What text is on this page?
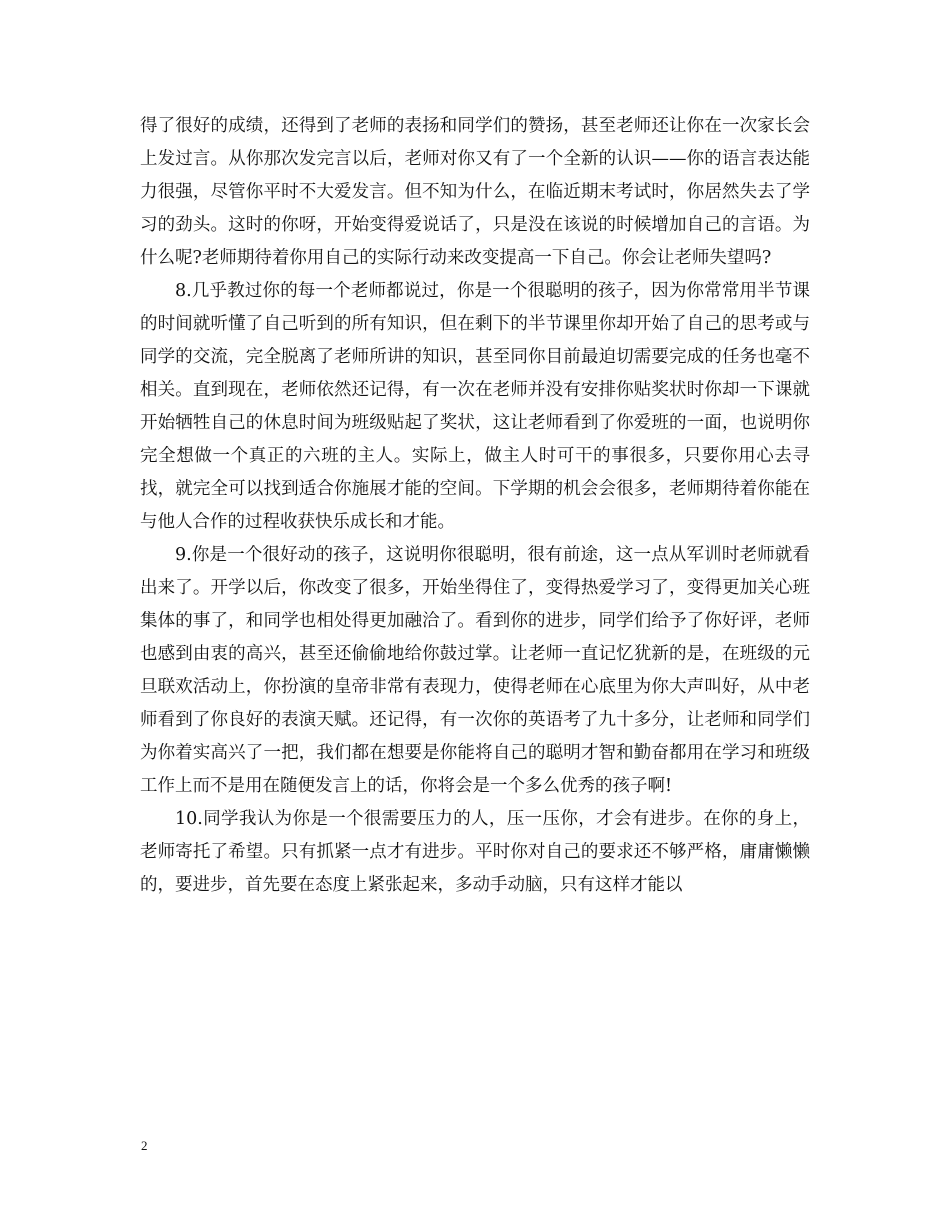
得了很好的成绩，还得到了老师的表扬和同学们的赞扬，甚至老师还让你在一次家长会上发过言。从你那次发完言以后，老师对你又有了一个全新的认识——你的语言表达能力很强，尽管你平时不大爱发言。但不知为什么，在临近期末考试时，你居然失去了学习的劲头。这时的你呀，开始变得爱说话了，只是没在该说的时候增加自己的言语。为什么呢?老师期待着你用自己的实际行动来改变提高一下自己。你会让老师失望吗?

8.几乎教过你的每一个老师都说过，你是一个很聪明的孩子，因为你常常用半节课的时间就听懂了自己听到的所有知识，但在剩下的半节课里你却开始了自己的思考或与同学的交流，完全脱离了老师所讲的知识，甚至同你目前最迫切需要完成的任务也毫不相关。直到现在，老师依然还记得，有一次在老师并没有安排你贴奖状时你却一下课就开始牺牲自己的休息时间为班级贴起了奖状，这让老师看到了你爱班的一面，也说明你完全想做一个真正的六班的主人。实际上，做主人时可干的事很多，只要你用心去寻找，就完全可以找到适合你施展才能的空间。下学期的机会会很多，老师期待着你能在与他人合作的过程收获快乐成长和才能。

9.你是一个很好动的孩子，这说明你很聪明，很有前途，这一点从军训时老师就看出来了。开学以后，你改变了很多，开始坐得住了，变得热爱学习了，变得更加关心班集体的事了，和同学也相处得更加融洽了。看到你的进步，同学们给予了你好评，老师也感到由衷的高兴，甚至还偷偷地给你鼓过掌。让老师一直记忆犹新的是，在班级的元旦联欢活动上，你扮演的皇帝非常有表现力，使得老师在心底里为你大声叫好，从中老师看到了你良好的表演天赋。还记得，有一次你的英语考了九十多分，让老师和同学们为你着实高兴了一把，我们都在想要是你能将自己的聪明才智和勤奋都用在学习和班级工作上而不是用在随便发言上的话，你将会是一个多么优秀的孩子啊!

10.同学我认为你是一个很需要压力的人，压一压你，才会有进步。在你的身上，老师寄托了希望。只有抓紧一点才有进步。平时你对自己的要求还不够严格，庸庸懒懒的，要进步，首先要在态度上紧张起来，多动手动脑，只有这样才能以

2
